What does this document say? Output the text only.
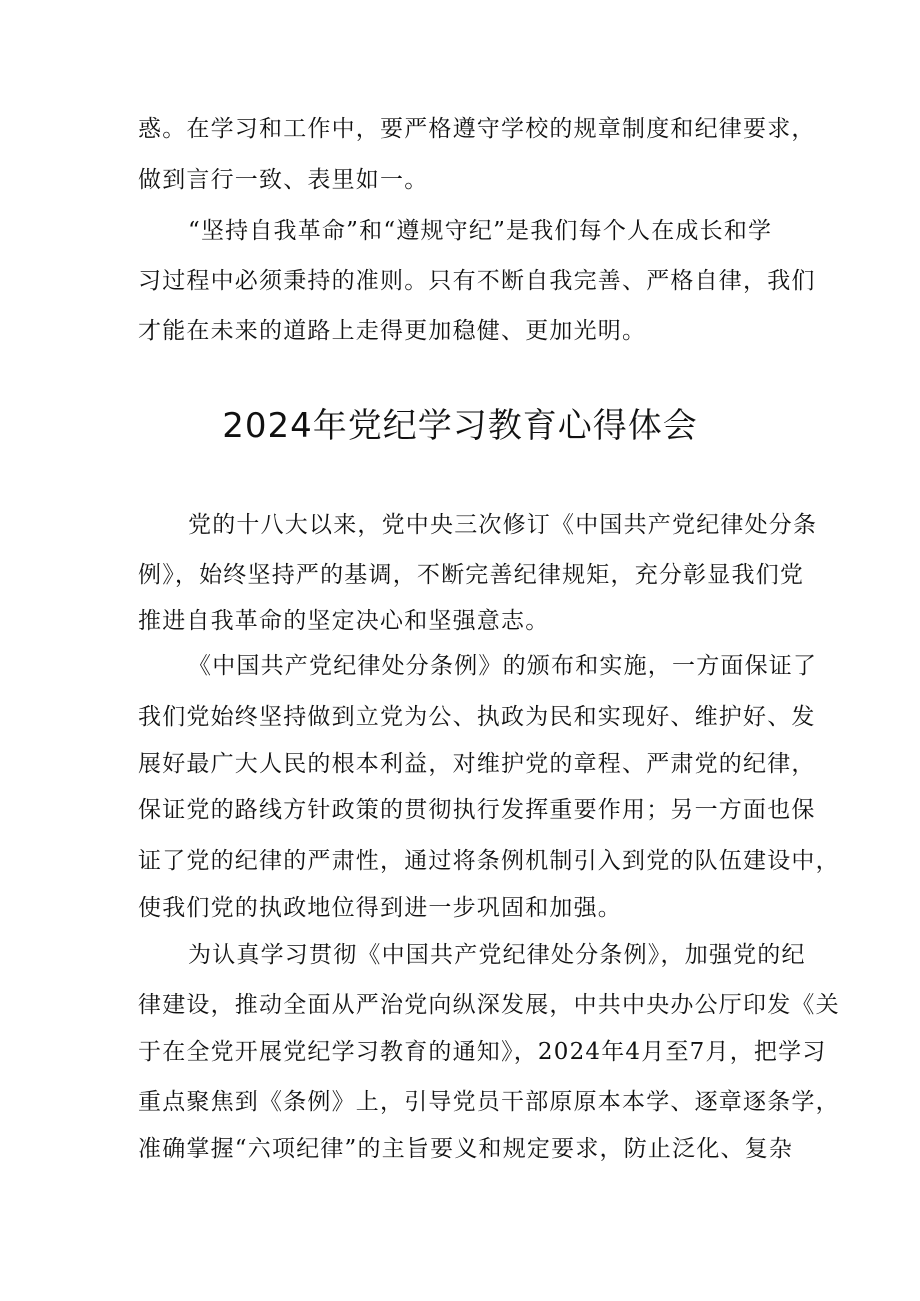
惑。在学习和工作中，要严格遵守学校的规章制度和纪律要求，
做到言行一致、表里如一。
“坚持自我革命”和“遵规守纪”是我们每个人在成长和学
习过程中必须秉持的准则。只有不断自我完善、严格自律，我们
才能在未来的道路上走得更加稳健、更加光明。
2024年党纪学习教育心得体会
党的十八大以来，党中央三次修订《中国共产党纪律处分条
例》，始终坚持严的基调，不断完善纪律规矩，充分彰显我们党
推进自我革命的坚定决心和坚强意志。
《中国共产党纪律处分条例》的颁布和实施，一方面保证了
我们党始终坚持做到立党为公、执政为民和实现好、维护好、发
展好最广大人民的根本利益，对维护党的章程、严肃党的纪律，
保证党的路线方针政策的贯彻执行发挥重要作用；另一方面也保
证了党的纪律的严肃性，通过将条例机制引入到党的队伍建设中，
使我们党的执政地位得到进一步巩固和加强。
为认真学习贯彻《中国共产党纪律处分条例》，加强党的纪
律建设，推动全面从严治党向纵深发展，中共中央办公厅印发《关
于在全党开展党纪学习教育的通知》，2024年4月至7月，把学习
重点聚焦到《条例》上，引导党员干部原原本本学、逐章逐条学，
准确掌握“六项纪律”的主旨要义和规定要求，防止泛化、复杂
